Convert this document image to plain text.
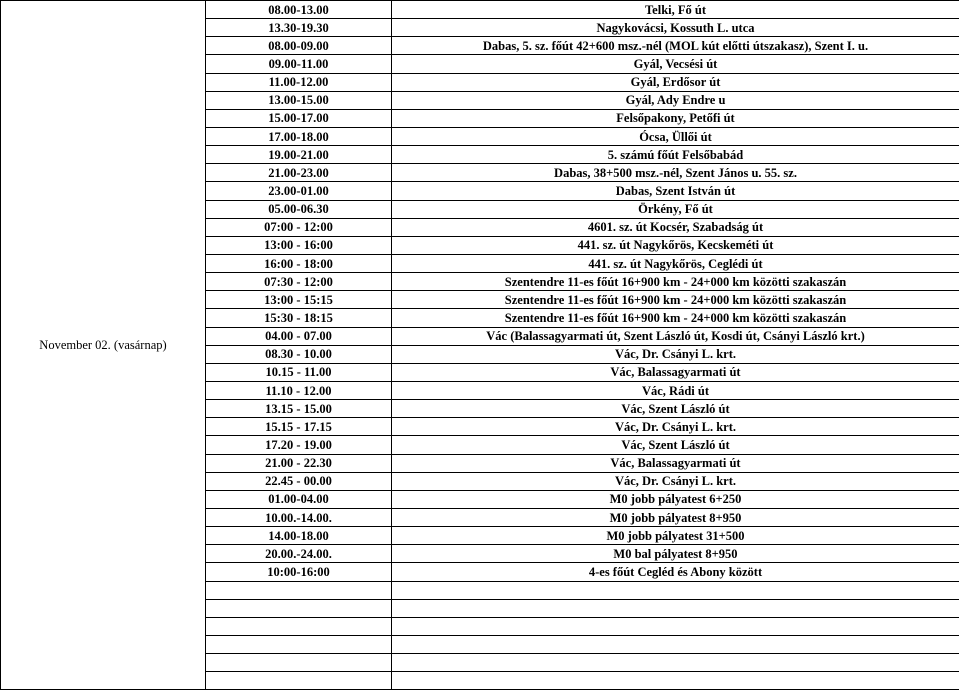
November 02. (vasárnap)	08.00-13.00	Telki, Fő út
	13.30-19.30	Nagykovácsi, Kossuth L. utca
	08.00-09.00	Dabas, 5. sz. főút 42+600 msz.-nél (MOL kút előtti útszakasz), Szent I. u.
	09.00-11.00	Gyál, Vecsési út
	11.00-12.00	Gyál, Erdősor út
	13.00-15.00	Gyál, Ady Endre u
	15.00-17.00	Felsőpakony, Petőfi út
	17.00-18.00	Ócsa, Üllői út
	19.00-21.00	5. számú főút Felsőbabád
	21.00-23.00	Dabas, 38+500 msz.-nél, Szent János u. 55. sz.
	23.00-01.00	Dabas, Szent István út
	05.00-06.30	Örkény, Fő út
	07:00 - 12:00	4601. sz. út Kocsér, Szabadság út
	13:00 - 16:00	441. sz. út Nagykőrös, Kecskeméti út
	16:00 - 18:00	441. sz. út Nagykőrös, Ceglédi út
	07:30 - 12:00	Szentendre 11-es főút 16+900 km - 24+000 km közötti szakaszán
	13:00 - 15:15	Szentendre 11-es főút 16+900 km - 24+000 km közötti szakaszán
	15:30 - 18:15	Szentendre 11-es főút 16+900 km - 24+000 km közötti szakaszán
	04.00 - 07.00	Vác (Balassagyarmati út, Szent László út, Kosdi út, Csányi László krt.)
	08.30 - 10.00	Vác, Dr. Csányi L. krt.
	10.15 - 11.00	Vác, Balassagyarmati út
	11.10 - 12.00	Vác, Rádi út
	13.15 - 15.00	Vác, Szent László út
	15.15 - 17.15	Vác, Dr. Csányi L. krt.
	17.20 - 19.00	Vác, Szent László út
	21.00 - 22.30	Vác, Balassagyarmati út
	22.45 - 00.00	Vác, Dr. Csányi L. krt.
	01.00-04.00	M0 jobb pályatest 6+250
	10.00.-14.00.	M0 jobb pályatest 8+950
	14.00-18.00	M0 jobb pályatest 31+500
	20.00.-24.00.	M0 bal pályatest 8+950
	10:00-16:00	4-es főút Cegléd és Abony között
